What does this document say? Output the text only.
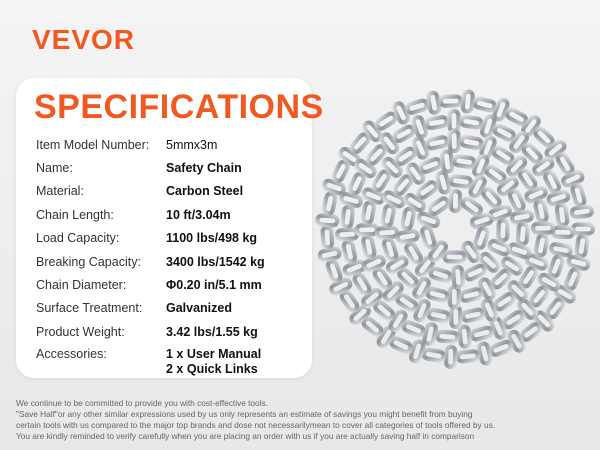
VEVOR
SPECIFICATIONS
Item Model Number:	5mmx3m
Name:	Safety Chain
Material:	Carbon Steel
Chain Length:	10 ft/3.04m
Load Capacity:	1100 lbs/498 kg
Breaking Capacity:	3400 lbs/1542 kg
Chain Diameter:	Φ0.20 in/5.1 mm
Surface Treatment:	Galvanized
Product Weight:	3.42 lbs/1.55 kg
Accessories:	1 x User Manual
2 x Quick Links
We continue to be committed to provide you with cost-effective tools.
"Save Half"or any other similar expressions used by us only represents an estimate of savings you might benefit from buying
certain tools with us compared to the major top brands and dose not necessarilymean to cover all categories of tools offered by us.
You are kindly reminded to verify carefully when you are placing an order with us if you are actually saving half in comparison
